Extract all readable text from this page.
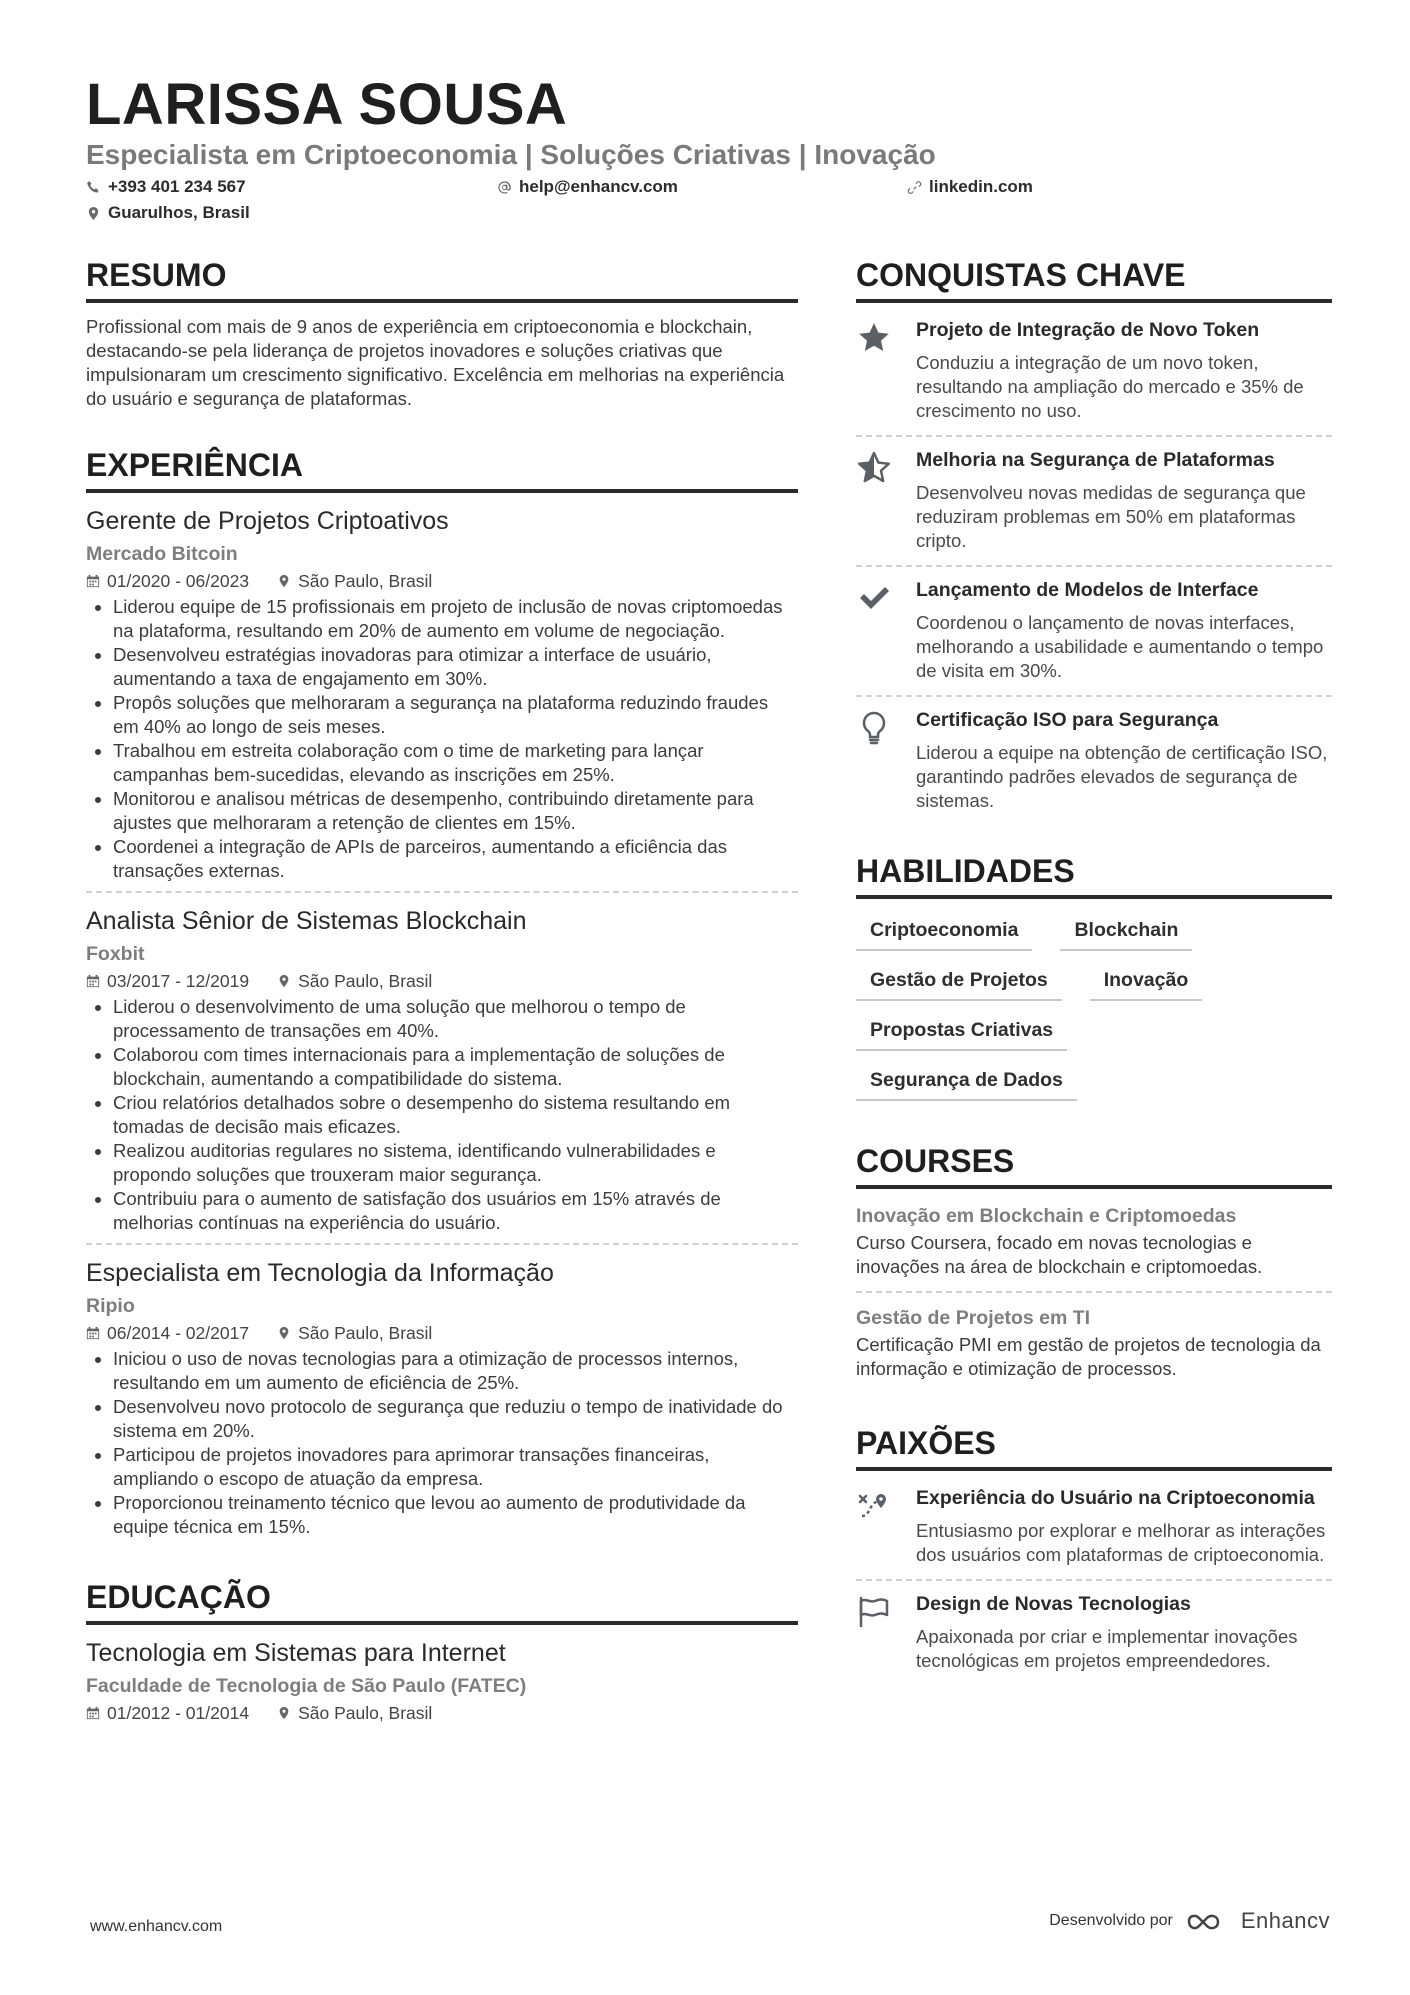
LARISSA SOUSA
Especialista em Criptoeconomia | Soluções Criativas | Inovação
+393 401 234 567	help@enhancv.com	linkedin.com
Guarulhos, Brasil
RESUMO
Profissional com mais de 9 anos de experiência em criptoeconomia e blockchain, destacando-se pela liderança de projetos inovadores e soluções criativas que impulsionaram um crescimento significativo. Excelência em melhorias na experiência do usuário e segurança de plataformas.
EXPERIÊNCIA
Gerente de Projetos Criptoativos
Mercado Bitcoin
01/2020 - 06/2023	São Paulo, Brasil
Liderou equipe de 15 profissionais em projeto de inclusão de novas criptomoedas na plataforma, resultando em 20% de aumento em volume de negociação.
Desenvolveu estratégias inovadoras para otimizar a interface de usuário, aumentando a taxa de engajamento em 30%.
Propôs soluções que melhoraram a segurança na plataforma reduzindo fraudes em 40% ao longo de seis meses.
Trabalhou em estreita colaboração com o time de marketing para lançar campanhas bem-sucedidas, elevando as inscrições em 25%.
Monitorou e analisou métricas de desempenho, contribuindo diretamente para ajustes que melhoraram a retenção de clientes em 15%.
Coordenei a integração de APIs de parceiros, aumentando a eficiência das transações externas.
Analista Sênior de Sistemas Blockchain
Foxbit
03/2017 - 12/2019	São Paulo, Brasil
Liderou o desenvolvimento de uma solução que melhorou o tempo de processamento de transações em 40%.
Colaborou com times internacionais para a implementação de soluções de blockchain, aumentando a compatibilidade do sistema.
Criou relatórios detalhados sobre o desempenho do sistema resultando em tomadas de decisão mais eficazes.
Realizou auditorias regulares no sistema, identificando vulnerabilidades e propondo soluções que trouxeram maior segurança.
Contribuiu para o aumento de satisfação dos usuários em 15% através de melhorias contínuas na experiência do usuário.
Especialista em Tecnologia da Informação
Ripio
06/2014 - 02/2017	São Paulo, Brasil
Iniciou o uso de novas tecnologias para a otimização de processos internos, resultando em um aumento de eficiência de 25%.
Desenvolveu novo protocolo de segurança que reduziu o tempo de inatividade do sistema em 20%.
Participou de projetos inovadores para aprimorar transações financeiras, ampliando o escopo de atuação da empresa.
Proporcionou treinamento técnico que levou ao aumento de produtividade da equipe técnica em 15%.
EDUCAÇÃO
Tecnologia em Sistemas para Internet
Faculdade de Tecnologia de São Paulo (FATEC)
01/2012 - 01/2014	São Paulo, Brasil
CONQUISTAS CHAVE
Projeto de Integração de Novo Token
Conduziu a integração de um novo token, resultando na ampliação do mercado e 35% de crescimento no uso.
Melhoria na Segurança de Plataformas
Desenvolveu novas medidas de segurança que reduziram problemas em 50% em plataformas cripto.
Lançamento de Modelos de Interface
Coordenou o lançamento de novas interfaces, melhorando a usabilidade e aumentando o tempo de visita em 30%.
Certificação ISO para Segurança
Liderou a equipe na obtenção de certificação ISO, garantindo padrões elevados de segurança de sistemas.
HABILIDADES
Criptoeconomia	Blockchain
Gestão de Projetos	Inovação
Propostas Criativas
Segurança de Dados
COURSES
Inovação em Blockchain e Criptomoedas
Curso Coursera, focado em novas tecnologias e inovações na área de blockchain e criptomoedas.
Gestão de Projetos em TI
Certificação PMI em gestão de projetos de tecnologia da informação e otimização de processos.
PAIXÕES
Experiência do Usuário na Criptoeconomia
Entusiasmo por explorar e melhorar as interações dos usuários com plataformas de criptoeconomia.
Design de Novas Tecnologias
Apaixonada por criar e implementar inovações tecnológicas em projetos empreendedores.
www.enhancv.com	Desenvolvido por	Enhancv
